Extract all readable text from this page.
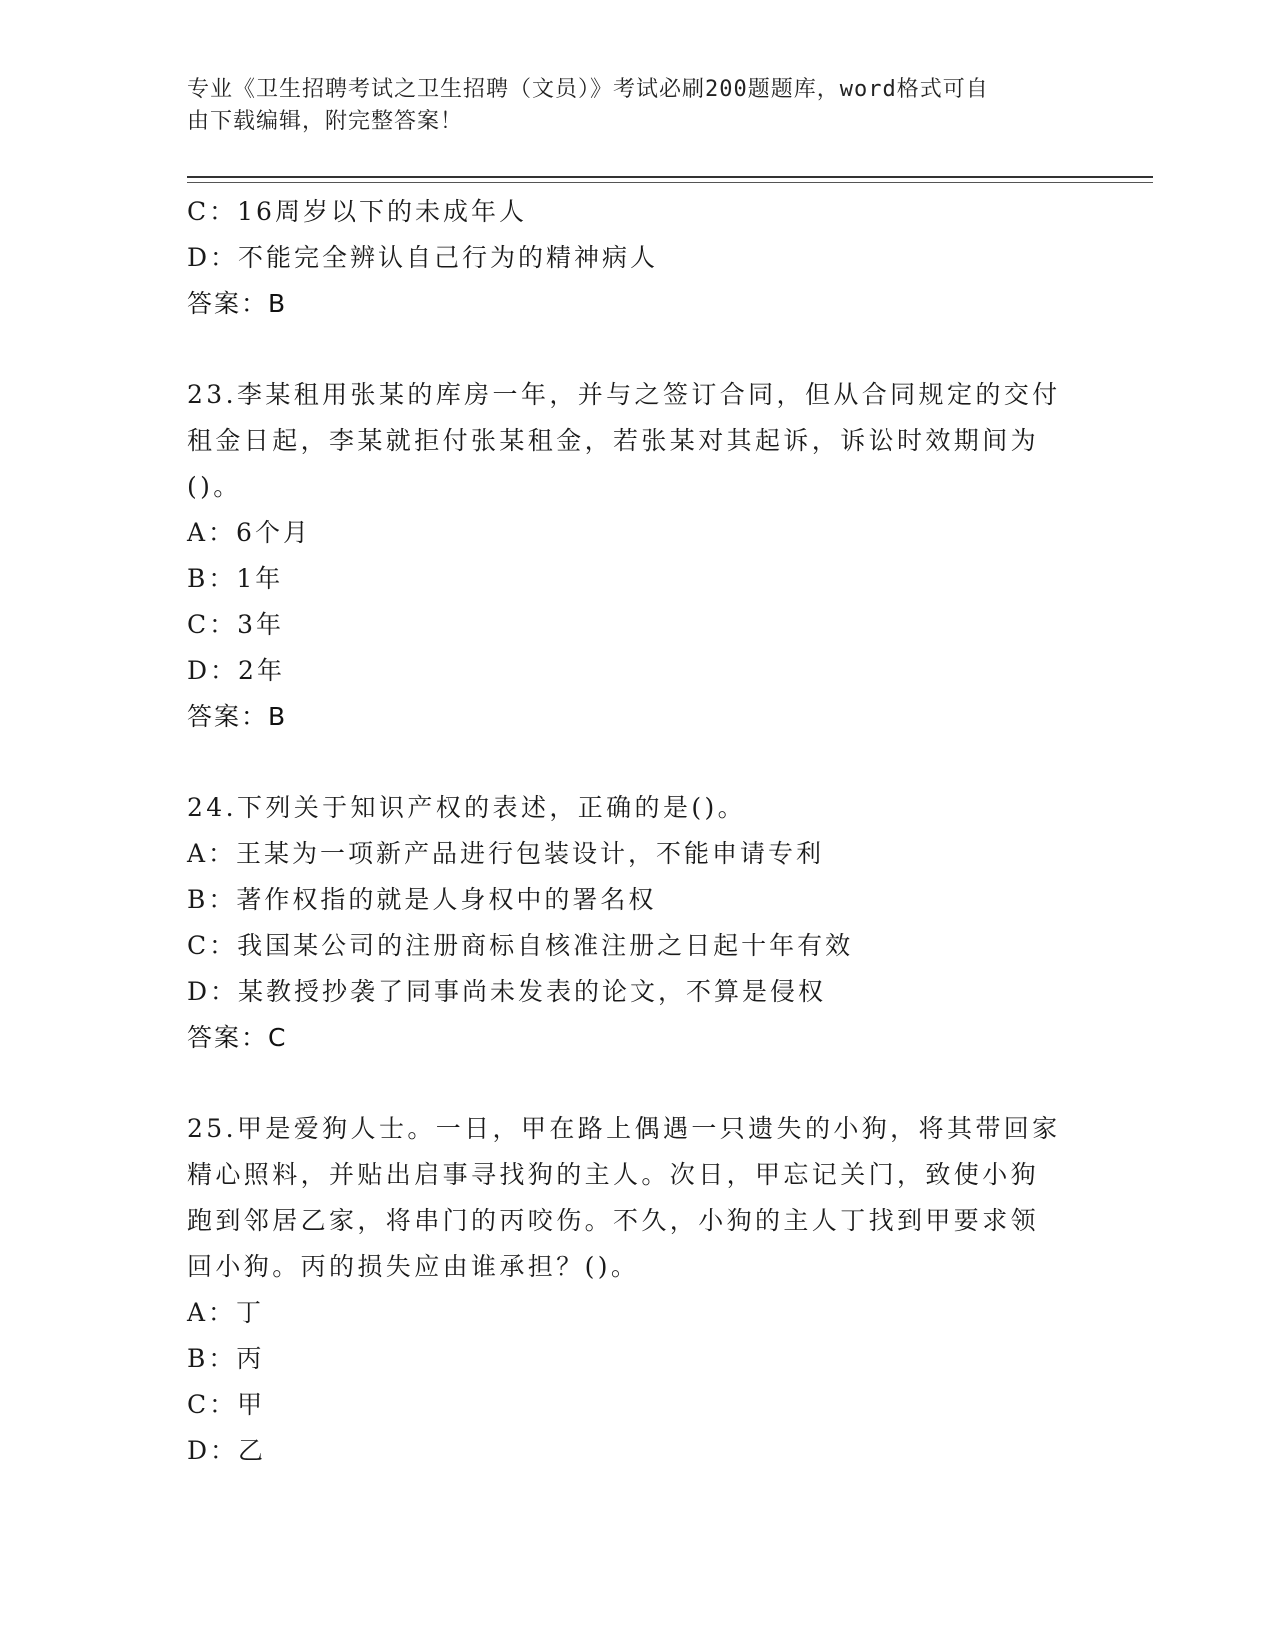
专业《卫生招聘考试之卫生招聘（文员）》考试必刷200题题库，word格式可自
由下载编辑，附完整答案！
C：16周岁以下的未成年人
D：不能完全辨认自己行为的精神病人
答案：B
23.李某租用张某的库房一年，并与之签订合同，但从合同规定的交付
租金日起，李某就拒付张某租金，若张某对其起诉，诉讼时效期间为
()。
A：6个月
B：1年
C：3年
D：2年
答案：B
24.下列关于知识产权的表述，正确的是()。
A：王某为一项新产品进行包装设计，不能申请专利
B：著作权指的就是人身权中的署名权
C：我国某公司的注册商标自核准注册之日起十年有效
D：某教授抄袭了同事尚未发表的论文，不算是侵权
答案：C
25.甲是爱狗人士。一日，甲在路上偶遇一只遗失的小狗，将其带回家
精心照料，并贴出启事寻找狗的主人。次日，甲忘记关门，致使小狗
跑到邻居乙家，将串门的丙咬伤。不久，小狗的主人丁找到甲要求领
回小狗。丙的损失应由谁承担？()。
A：丁
B：丙
C：甲
D：乙
